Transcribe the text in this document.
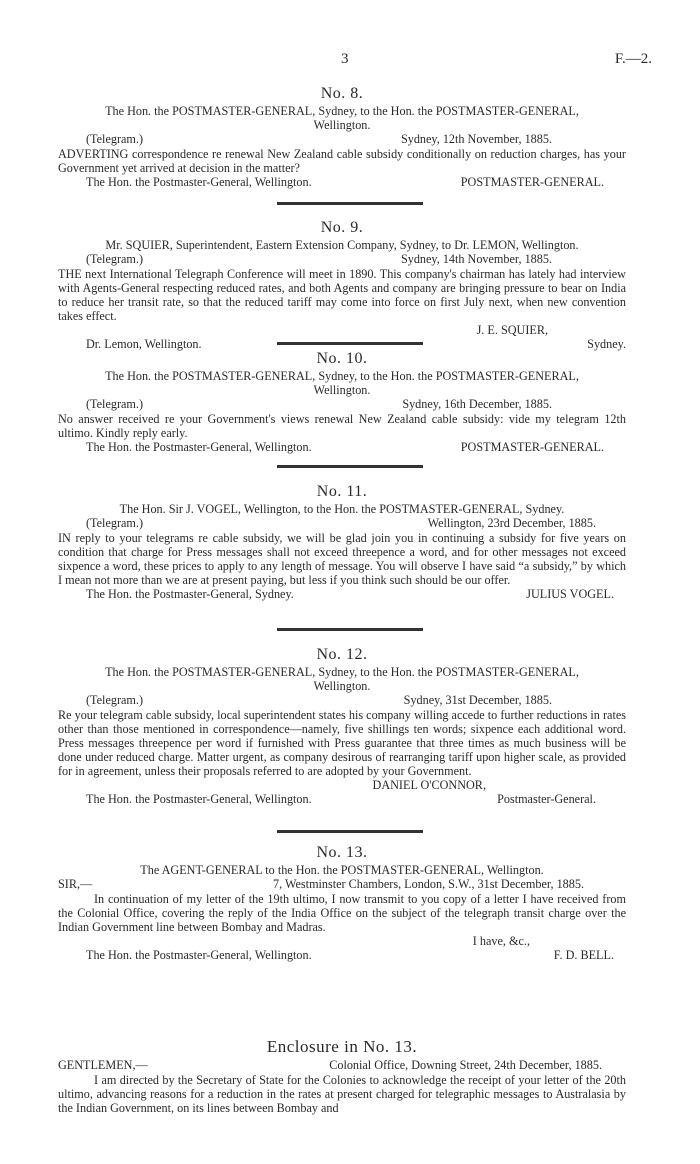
3	F.—2.
No. 8.
The Hon. the POSTMASTER-GENERAL, Sydney, to the Hon. the POSTMASTER-GENERAL, Wellington.
(Telegram.)	Sydney, 12th November, 1885.
ADVERTING correspondence re renewal New Zealand cable subsidy conditionally on reduction charges, has your Government yet arrived at decision in the matter?
The Hon. the Postmaster-General, Wellington.	POSTMASTER-GENERAL.
No. 9.
Mr. SQUIER, Superintendent, Eastern Extension Company, Sydney, to Dr. LEMON, Wellington.
(Telegram.)	Sydney, 14th November, 1885.
THE next International Telegraph Conference will meet in 1890. This company's chairman has lately had interview with Agents-General respecting reduced rates, and both Agents and company are bringing pressure to bear on India to reduce her transit rate, so that the reduced tariff may come into force on first July next, when new convention takes effect.
J. E. SQUIER,
Dr. Lemon, Wellington.	Sydney.
No. 10.
The Hon. the POSTMASTER-GENERAL, Sydney, to the Hon. the POSTMASTER-GENERAL, Wellington.
(Telegram.)	Sydney, 16th December, 1885.
No answer received re your Government's views renewal New Zealand cable subsidy: vide my telegram 12th ultimo. Kindly reply early.
The Hon. the Postmaster-General, Wellington.	POSTMASTER-GENERAL.
No. 11.
The Hon. Sir J. VOGEL, Wellington, to the Hon. the POSTMASTER-GENERAL, Sydney.
(Telegram.)	Wellington, 23rd December, 1885.
IN reply to your telegrams re cable subsidy, we will be glad join you in continuing a subsidy for five years on condition that charge for Press messages shall not exceed threepence a word, and for other messages not exceed sixpence a word, these prices to apply to any length of message. You will observe I have said “a subsidy,” by which I mean not more than we are at present paying, but less if you think such should be our offer.
The Hon. the Postmaster-General, Sydney.	JULIUS VOGEL.
No. 12.
The Hon. the POSTMASTER-GENERAL, Sydney, to the Hon. the POSTMASTER-GENERAL, Wellington.
(Telegram.)	Sydney, 31st December, 1885.
Re your telegram cable subsidy, local superintendent states his company willing accede to further reductions in rates other than those mentioned in correspondence—namely, five shillings ten words; sixpence each additional word. Press messages threepence per word if furnished with Press guarantee that three times as much business will be done under reduced charge. Matter urgent, as company desirous of rearranging tariff upon higher scale, as provided for in agreement, unless their proposals referred to are adopted by your Government.
DANIEL O'CONNOR,
The Hon. the Postmaster-General, Wellington.	Postmaster-General.
No. 13.
The AGENT-GENERAL to the Hon. the POSTMASTER-GENERAL, Wellington.
SIR,—	7, Westminster Chambers, London, S.W., 31st December, 1885.
In continuation of my letter of the 19th ultimo, I now transmit to you copy of a letter I have received from the Colonial Office, covering the reply of the India Office on the subject of the telegraph transit charge over the Indian Government line between Bombay and Madras.
I have, &c.,
The Hon. the Postmaster-General, Wellington.	F. D. BELL.
Enclosure in No. 13.
GENTLEMEN,—	Colonial Office, Downing Street, 24th December, 1885.
I am directed by the Secretary of State for the Colonies to acknowledge the receipt of your letter of the 20th ultimo, advancing reasons for a reduction in the rates at present charged for telegraphic messages to Australasia by the Indian Government, on its lines between Bombay and
